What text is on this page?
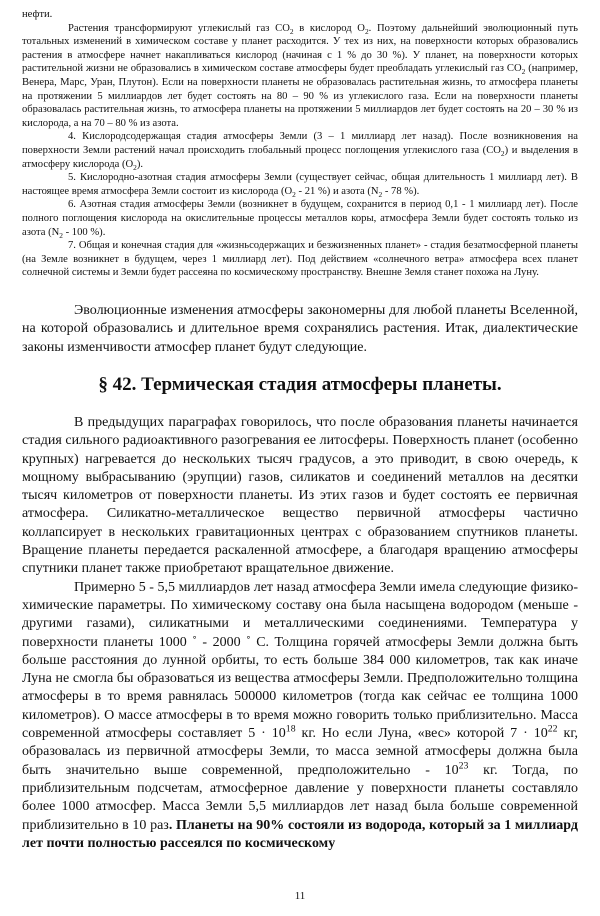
нефти.

Растения трансформируют углекислый газ $CO_2$ в кислород $O_2$. Поэтому дальнейший эволюционный путь тотальных изменений в химическом составе у планет расходится. У тех из них, на поверхности которых образовались растения в атмосфере начнет накапливаться кислород (начиная с 1 % до 30 %). У планет, на поверхности которых растительной жизни не образовались в химическом составе атмосферы будет преобладать углекислый газ $CO_2$ (например, Венера, Марс, Уран, Плутон). Если на поверхности планеты не образовалась растительная жизнь, то атмосфера планеты на протяжении 5 миллиардов лет будет состоять на 80 – 90 % из углекислого газа. Если на поверхности планеты образовалась растительная жизнь, то атмосфера планеты на протяжении 5 миллиардов лет будет состоять на 20 – 30 % из кислорода, а на 70 – 80 % из азота.

4. Кислородсодержащая стадия атмосферы Земли (3 – 1 миллиард лет назад). После возникновения на поверхности Земли растений начал происходить глобальный процесс поглощения углекислого газа $(CO_2)$ и выделения в атмосферу кислорода $(O_2)$.

5. Кислородно-азотная стадия атмосферы Земли (существует сейчас, общая длительность 1 миллиард лет). В настоящее время атмосфера Земли состоит из кислорода ($O_2 - 21$ %) и азота ($N_2 - 78$ %).

6. Азотная стадия атмосферы Земли (возникнет в будущем, сохранится в период 0,1 - 1 миллиард лет). После полного поглощения кислорода на окислительные процессы металлов коры, атмосфера Земли будет состоять только из азота ($N_2 - 100$ %).

7. Общая и конечная стадия для «жизньсодержащих и безжизненных планет» - стадия безатмосферной планеты (на Земле возникнет в будущем, через 1 миллиард лет). Под действием «солнечного ветра» атмосфера всех планет солнечной системы и Земли будет рассеяна по космическому пространству. Внешне Земля станет похожа на Луну.

Эволюционные изменения атмосферы закономерны для любой планеты Вселенной, на которой образовались и длительное время сохранялись растения. Итак, диалектические законы изменчивости атмосфер планет будут следующие.

§ 42. Термическая стадия атмосферы планеты.

В предыдущих параграфах говорилось, что после образования планеты начинается стадия сильного радиоактивного разогревания ее литосферы. Поверхность планет (особенно крупных) нагревается до нескольких тысяч градусов, а это приводит, в свою очередь, к мощному выбрасыванию (эрупции) газов, силикатов и соединений металлов на десятки тысяч километров от поверхности планеты. Из этих газов и будет состоять ее первичная атмосфера. Силикатно-металлическое вещество первичной атмосферы частично коллапсирует в нескольких гравитационных центрах с образованием спутников планеты. Вращение планеты передается раскаленной атмосфере, а благодаря вращению атмосферы спутники планет также приобретают вращательное движение.

Примерно 5 - 5,5 миллиардов лет назад атмосфера Земли имела следующие физико-химические параметры. По химическому составу она была насыщена водородом (меньше - другими газами), силикатными и металлическими соединениями. Температура у поверхности планеты 1000 ˚ - 2000 ˚ С. Толщина горячей атмосферы Земли должна быть больше расстояния до лунной орбиты, то есть больше 384 000 километров, так как иначе Луна не смогла бы образоваться из вещества атмосферы Земли. Предположительно толщина атмосферы в то время равнялась 500000 километров (тогда как сейчас ее толщина 1000 километров). О массе атмосферы в то время можно говорить только приблизительно. Масса современной атмосферы составляет $5 \cdot 10^{18}$ кг. Но если Луна, «вес» которой $7 \cdot 10^{22}$ кг, образовалась из первичной атмосферы Земли, то масса земной атмосферы должна была быть значительно выше современной, предположительно - $10^{23}$ кг. Тогда, по приблизительным подсчетам, атмосферное давление у поверхности планеты составляло более 1000 атмосфер. Масса Земли 5,5 миллиардов лет назад была больше современной приблизительно в 10 раз. Планеты на 90% состояли из водорода, который за 1 миллиард лет почти полностью рассеялся по космическому

11
